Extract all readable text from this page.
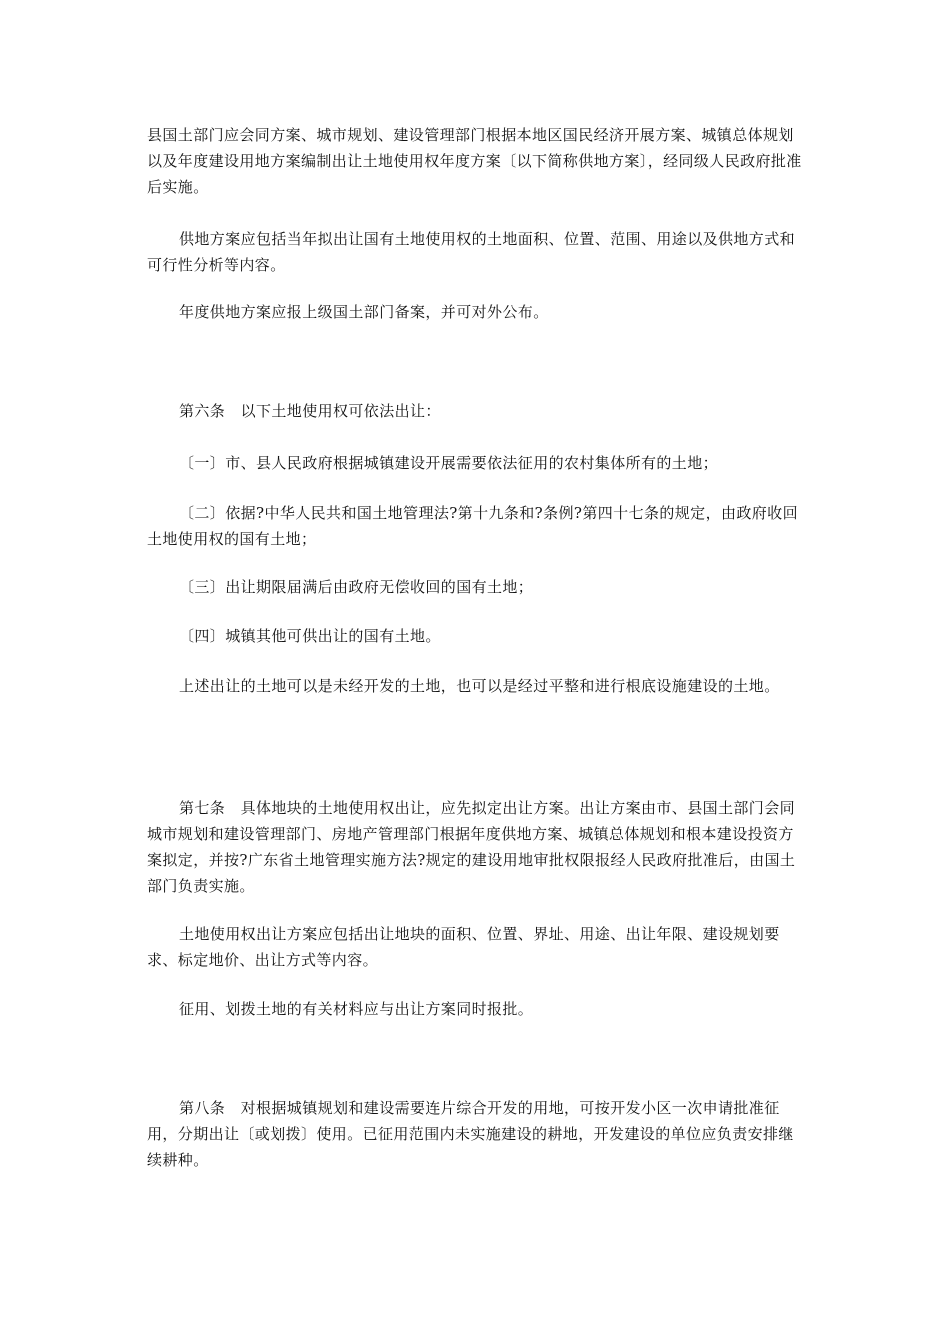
县国土部门应会同方案、城市规划、建设管理部门根据本地区国民经济开展方案、城镇总体规划以及年度建设用地方案编制出让土地使用权年度方案〔以下简称供地方案〕，经同级人民政府批准后实施。

供地方案应包括当年拟出让国有土地使用权的土地面积、位置、范围、用途以及供地方式和可行性分析等内容。

年度供地方案应报上级国土部门备案，并可对外公布。

第六条　以下土地使用权可依法出让：

〔一〕市、县人民政府根据城镇建设开展需要依法征用的农村集体所有的土地；

〔二〕依据?中华人民共和国土地管理法?第十九条和?条例?第四十七条的规定，由政府收回土地使用权的国有土地；

〔三〕出让期限届满后由政府无偿收回的国有土地；

〔四〕城镇其他可供出让的国有土地。

上述出让的土地可以是未经开发的土地，也可以是经过平整和进行根底设施建设的土地。

第七条　具体地块的土地使用权出让，应先拟定出让方案。出让方案由市、县国土部门会同城市规划和建设管理部门、房地产管理部门根据年度供地方案、城镇总体规划和根本建设投资方案拟定，并按?广东省土地管理实施方法?规定的建设用地审批权限报经人民政府批准后，由国土部门负责实施。

土地使用权出让方案应包括出让地块的面积、位置、界址、用途、出让年限、建设规划要求、标定地价、出让方式等内容。

征用、划拨土地的有关材料应与出让方案同时报批。

第八条　对根据城镇规划和建设需要连片综合开发的用地，可按开发小区一次申请批准征用，分期出让〔或划拨〕使用。已征用范围内未实施建设的耕地，开发建设的单位应负责安排继续耕种。
